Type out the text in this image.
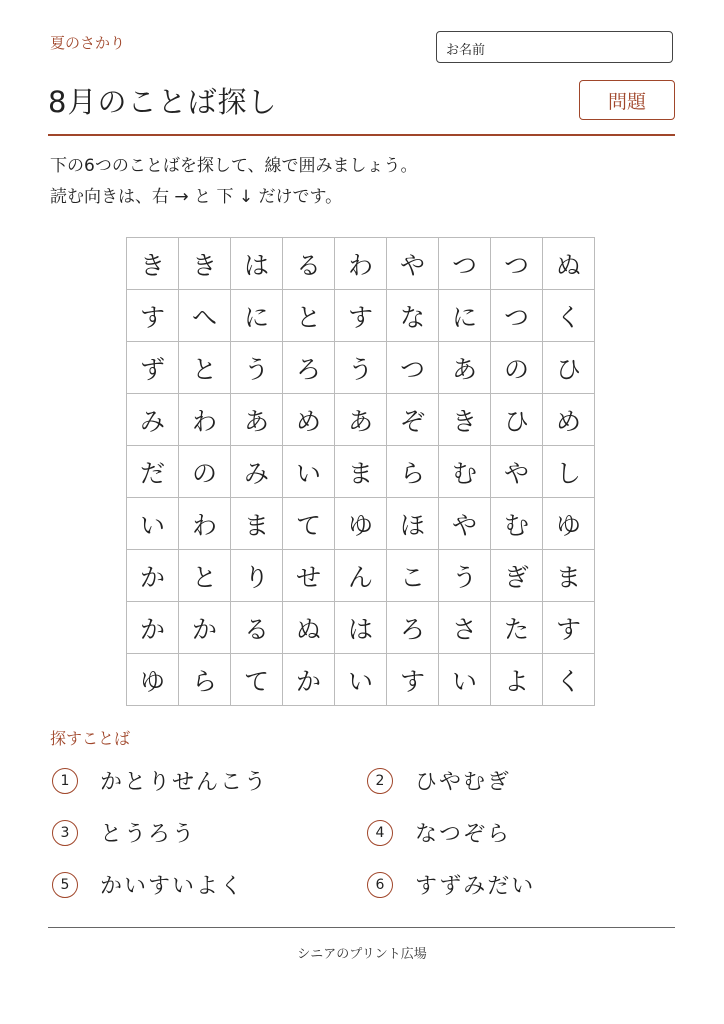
夏のさかり	お名前
8月のことば探し	問題
下の6つのことばを探して、線で囲みましょう。
読む向きは、右 → と 下 ↓ だけです。
き	き	は	る	わ	や	つ	つ	ぬ
す	へ	に	と	す	な	に	つ	く
ず	と	う	ろ	う	つ	あ	の	ひ
み	わ	あ	め	あ	ぞ	き	ひ	め
だ	の	み	い	ま	ら	む	や	し
い	わ	ま	て	ゆ	ほ	や	む	ゆ
か	と	り	せ	ん	こ	う	ぎ	ま
か	か	る	ぬ	は	ろ	さ	た	す
ゆ	ら	て	か	い	す	い	よ	く
探すことば
1	かとりせんこう	2	ひやむぎ
3	とうろう	4	なつぞら
5	かいすいよく	6	すずみだい
シニアのプリント広場
